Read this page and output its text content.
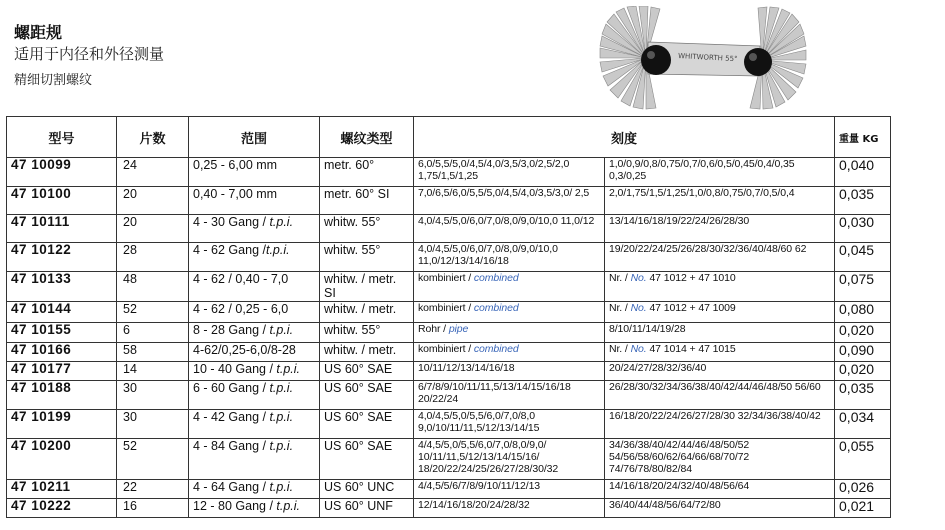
螺距规
适用于内径和外径测量
精细切割螺纹
WHITWORTH 55°
型号	片数	范围	螺纹类型	刻度		重量 KG
47 10099	24	0,25 - 6,00 mm	metr. 60°	6,0/5,5/5,0/4,5/4,0/3,5/3,0/2,5/2,0 1,75/1,5/1,25	1,0/0,9/0,8/0,75/0,7/0,6/0,5/0,45/0,4/0,35 0,3/0,25	0,040
47 10100	20	0,40 - 7,00 mm	metr. 60° SI	7,0/6,5/6,0/5,5/5,0/4,5/4,0/3,5/3,0/ 2,5	2,0/1,75/1,5/1,25/1,0/0,8/0,75/0,7/0,5/0,4	0,035
47 10111	20	4 - 30 Gang / t.p.i.	whitw. 55°	4,0/4,5/5,0/6,0/7,0/8,0/9,0/10,0 11,0/12	13/14/16/18/19/22/24/26/28/30	0,030
47 10122	28	4 - 62 Gang /t.p.i.	whitw. 55°	4,0/4,5/5,0/6,0/7,0/8,0/9,0/10,0 11,0/12/13/14/16/18	19/20/22/24/25/26/28/30/32/36/40/48/60 62	0,045
47 10133	48	4 - 62 / 0,40 - 7,0	whitw. / metr. SI	kombiniert / combined	Nr. / No. 47 1012 + 47 1010	0,075
47 10144	52	4 - 62 / 0,25 - 6,0	whitw. / metr.	kombiniert / combined	Nr. / No. 47 1012 + 47 1009	0,080
47 10155	6	8 - 28 Gang / t.p.i.	whitw. 55°	Rohr / pipe	8/10/11/14/19/28	0,020
47 10166	58	4-62/0,25-6,0/8-28	whitw. / metr.	kombiniert / combined	Nr. / No. 47 1014 + 47 1015	0,090
47 10177	14	10 - 40 Gang / t.p.i.	US 60° SAE	10/11/12/13/14/16/18	20/24/27/28/32/36/40	0,020
47 10188	30	6 - 60 Gang / t.p.i.	US 60° SAE	6/7/8/9/10/11/11,5/13/14/15/16/18 20/22/24	26/28/30/32/34/36/38/40/42/44/46/48/50 56/60	0,035
47 10199	30	4 - 42 Gang / t.p.i.	US 60° SAE	4,0/4,5/5,0/5,5/6,0/7,0/8,0 9,0/10/11/11,5/12/13/14/15	16/18/20/22/24/26/27/28/30 32/34/36/38/40/42	0,034
47 10200	52	4 - 84 Gang / t.p.i.	US 60° SAE	4/4,5/5,0/5,5/6,0/7,0/8,0/9,0/ 10/11/11,5/12/13/14/15/16/ 18/20/22/24/25/26/27/28/30/32	34/36/38/40/42/44/46/48/50/52 54/56/58/60/62/64/66/68/70/72 74/76/78/80/82/84	0,055
47 10211	22	4 - 64 Gang / t.p.i.	US 60° UNC	4/4,5/5/6/7/8/9/10/11/12/13	14/16/18/20/24/32/40/48/56/64	0,026
47 10222	16	12 - 80 Gang / t.p.i.	US 60° UNF	12/14/16/18/20/24/28/32	36/40/44/48/56/64/72/80	0,021
